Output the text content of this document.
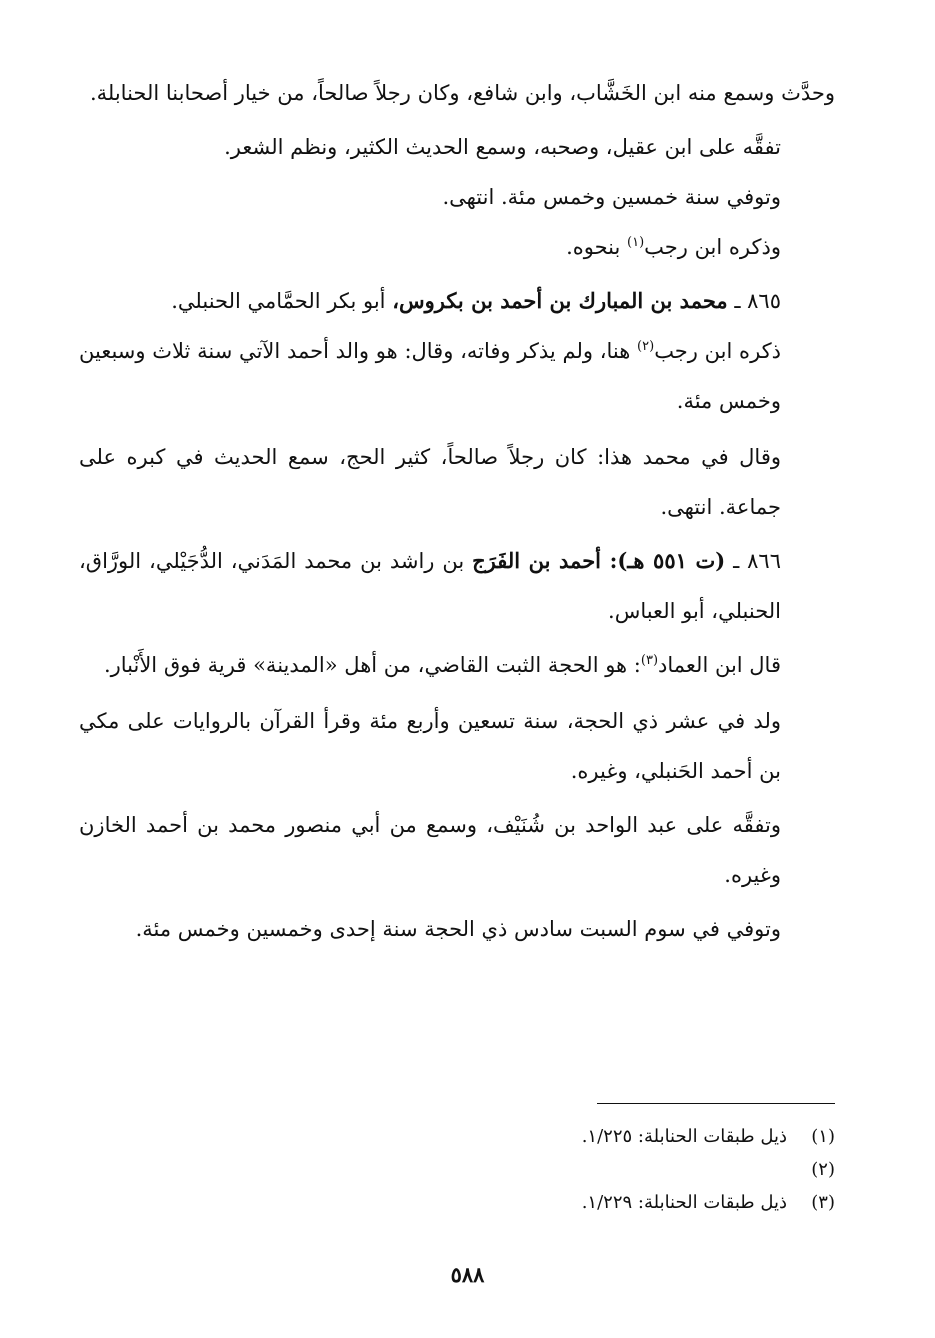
وحدَّث وسمع منه ابن الخَشَّاب، وابن شافع، وكان رجلاً صالحاً، من خيار أصحابنا الحنابلة.

تفقَّه على ابن عقيل، وصحبه، وسمع الحديث الكثير، ونظم الشعر.

وتوفي سنة خمسين وخمس مئة. انتهى.

وذكره ابن رجب$^{(١)}$ بنحوه.

٨٦٥ ـ محمد بن المبارك بن أحمد بن بكروس، أبو بكر الحمَّامي الحنبلي.

ذكره ابن رجب$^{(٢)}$ هنا، ولم يذكر وفاته، وقال: هو والد أحمد الآتي سنة ثلاث وسبعين وخمس مئة.

وقال في محمد هذا: كان رجلاً صالحاً، كثير الحج، سمع الحديث في كبره على جماعة. انتهى.

٨٦٦ ـ (ت ٥٥١ هـ): أحمد بن الفَرَج بن راشد بن محمد المَدَني، الدُّجَيْلي، الورَّاق، الحنبلي، أبو العباس.

قال ابن العماد$^{(٣)}$: هو الحجة الثبت القاضي، من أهل «المدينة» قرية فوق الأَنْبار.

ولد في عشر ذي الحجة، سنة تسعين وأربع مئة وقرأ القرآن بالروايات على مكي بن أحمد الحَنبلي، وغيره.

وتفقَّه على عبد الواحد بن شُنَيْف، وسمع من أبي منصور محمد بن أحمد الخازن وغيره.

وتوفي في سوم السبت سادس ذي الحجة سنة إحدى وخمسين وخمس مئة.

(١)
ذيل طبقات الحنابلة: ١/٢٢٥.

(٢)

(٣)
ذيل طبقات الحنابلة: ١/٢٢٩.

٥٨٨
